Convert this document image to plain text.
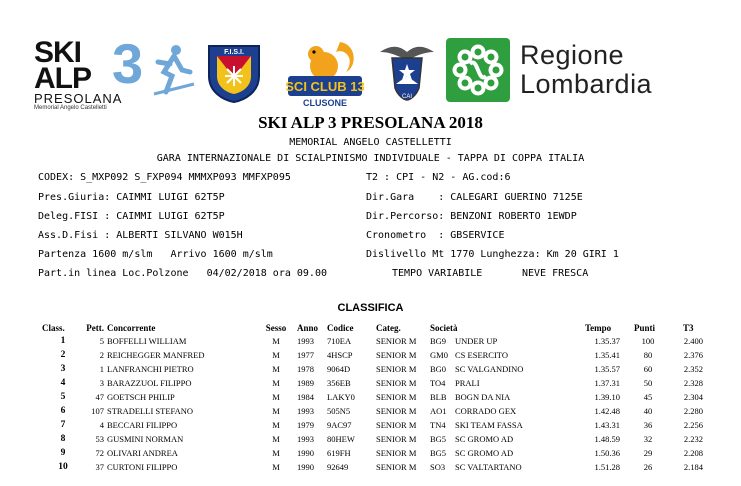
3
SKI
ALP
PRESOLANA
Memorial Angelo Castelletti
F.I.S.I.
SCI CLUB 13
CLUSONE
CAI
Regione
Lombardia
SKI ALP 3 PRESOLANA 2018
MEMORIAL ANGELO CASTELLETTI
GARA INTERNAZIONALE DI SCIALPINISMO INDIVIDUALE - TAPPA DI COPPA ITALIA
CODEX: S_MXP092 S_FXP094 MMMXP093 MMFXP095	T2 : CPI - N2 - AG.cod:6
Pres.Giuria: CAIMMI LUIGI 62T5P	Dir.Gara    : CALEGARI GUERINO 7125E
Deleg.FISI : CAIMMI LUIGI 62T5P	Dir.Percorso: BENZONI ROBERTO 1EWDP
Ass.D.Fisi : ALBERTI SILVANO W015H	Cronometro  : GBSERVICE
Partenza 1600 m/slm   Arrivo 1600 m/slm	Dislivello Mt 1770 Lunghezza: Km 20 GIRI 1
Part.in linea Loc.Polzone   04/02/2018 ora 09.00	TEMPO VARIABILE	NEVE FRESCA
CLASSIFICA
Class.	Pett. Concorrente	Sesso	Anno Codice	Categ.	Società	Tempo	Punti	T3
1	5 BOFFELLI WILLIAM	M	1993 710EA	SENIOR M BG9 UNDER UP	1.35.37	100	2.400
2	2 REICHEGGER MANFRED	M	1977 4HSCP	SENIOR M GM0 CS ESERCITO	1.35.41	80	2.376
3	1 LANFRANCHI PIETRO	M	1978 9064D	SENIOR M BG0 SC VALGANDINO	1.35.57	60	2.352
4	3 BARAZZUOL FILIPPO	M	1989 356EB	SENIOR M TO4 PRALI	1.37.31	50	2.328
5	47 GOETSCH PHILIP	M	1984 LAKY0 SENIOR M BLB BOGN DA NIA	1.39.10	45	2.304
6	107 STRADELLI STEFANO	M	1993 505N5	SENIOR M AO1 CORRADO GEX	1.42.48	40	2.280
7	4 BECCARI FILIPPO	M	1979 9AC97	SENIOR M TN4 SKI TEAM FASSA	1.43.31	36	2.256
8	53 GUSMINI NORMAN	M	1993 80HEW SENIOR M BG5 SC GROMO AD	1.48.59	32	2.232
9	72 OLIVARI ANDREA	M	1990 619FH	SENIOR M BG5 SC GROMO AD	1.50.36	29	2.208
10	37 CURTONI FILIPPO	M	1990 92649	SENIOR M SO3 SC VALTARTANO	1.51.28	26	2.184
